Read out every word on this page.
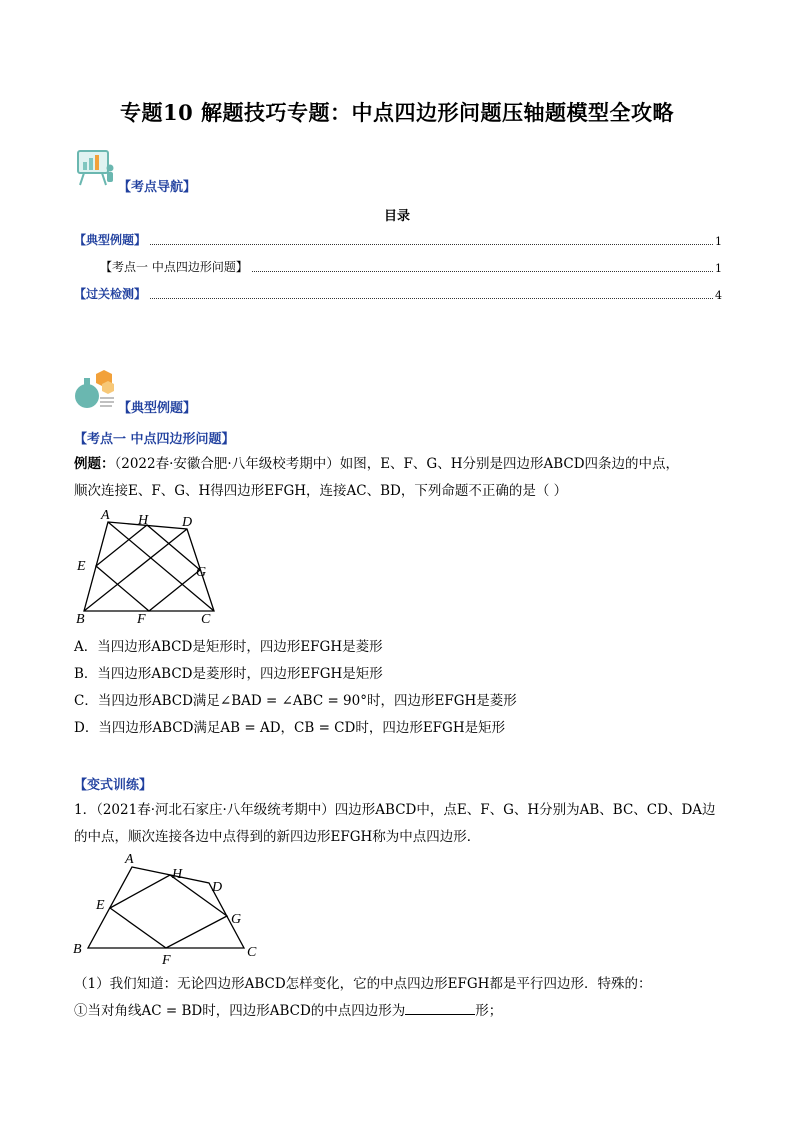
专题10 解题技巧专题：中点四边形问题压轴题模型全攻略
【考点导航】
目录
【典型例题】	1
【考点一 中点四边形问题】	1
【过关检测】	4
【典型例题】
【考点一 中点四边形问题】
例题：（2022春·安徽合肥·八年级校考期中）如图，E、F、G、H分别是四边形ABCD四条边的中点，
顺次连接E、F、G、H得四边形EFGH，连接AC、BD，下列命题不正确的是（ ）
A H D
E	G
B	F	C
A．当四边形ABCD是矩形时，四边形EFGH是菱形
B．当四边形ABCD是菱形时，四边形EFGH是矩形
C．当四边形ABCD满足∠BAD = ∠ABC = 90°时，四边形EFGH是菱形
D．当四边形ABCD满足AB = AD，CB = CD时，四边形EFGH是矩形
【变式训练】
1．（2021春·河北石家庄·八年级统考期中）四边形ABCD中，点E、F、G、H分别为AB、BC、CD、DA边
的中点，顺次连接各边中点得到的新四边形EFGH称为中点四边形．
A
H
D
E
G
B
F
C
（1）我们知道：无论四边形ABCD怎样变化，它的中点四边形EFGH都是平行四边形．特殊的：
①当对角线AC = BD时，四边形ABCD的中点四边形为	形；
